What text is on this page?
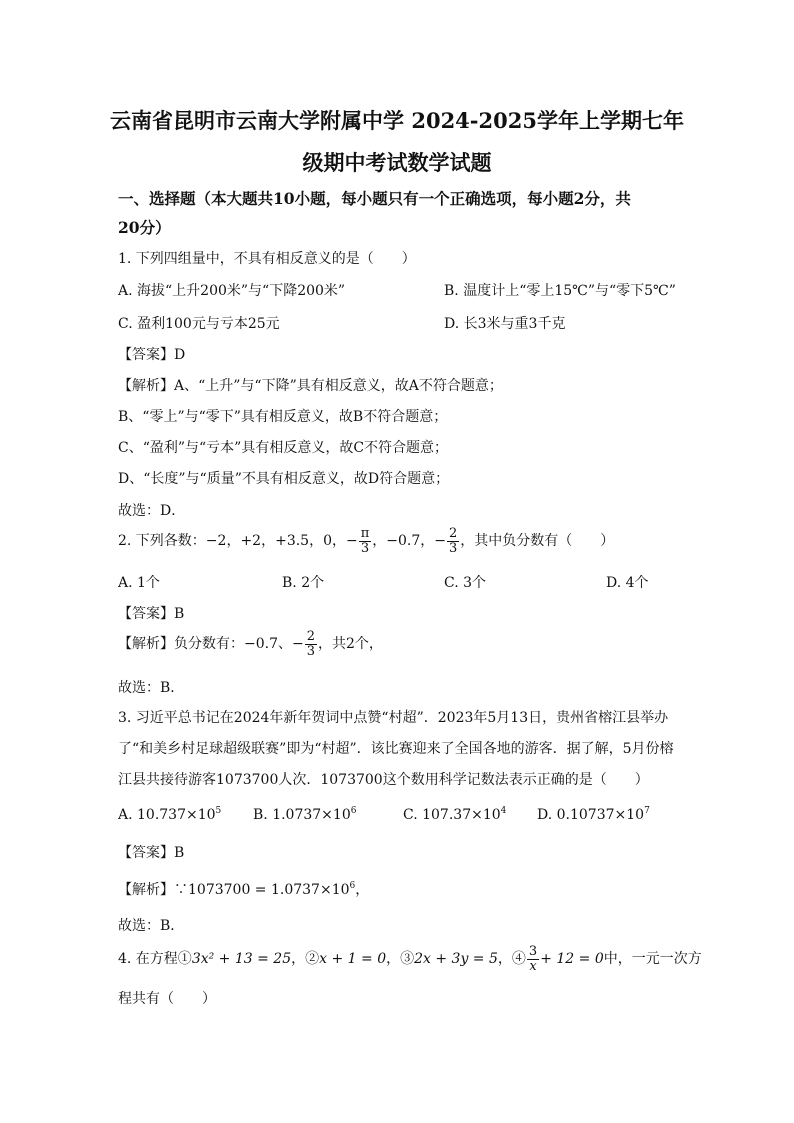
云南省昆明市云南大学附属中学 2024-2025学年上学期七年
级期中考试数学试题
一、选择题（本大题共10小题，每小题只有一个正确选项，每小题2分，共
20分）
1. 下列四组量中，不具有相反意义的是（　　）
A. 海拔“上升200米”与“下降200米”	B. 温度计上“零上15℃”与“零下5℃”
C. 盈利100元与亏本25元	D. 长3米与重3千克
【答案】D
【解析】A、“上升”与“下降”具有相反意义，故A不符合题意；
B、“零上”与“零下”具有相反意义，故B不符合题意；
C、“盈利”与“亏本”具有相反意义，故C不符合题意；
D、“长度”与“质量”不具有相反意义，故D符合题意；
故选：D．
2. 下列各数：−2，+2，+3.5，0，− $\frac{\pi}{3}$ ，−0.7，− $\frac{2}{3}$ ，其中负分数有（　　）
A. 1个	B. 2个	C. 3个	D. 4个
【答案】B
【解析】负分数有：−0.7、− $\frac{2}{3}$ ，共2个，
故选：B．
3. 习近平总书记在2024年新年贺词中点赞“村超”．2023年5月13日，贵州省榕江县举办
了“和美乡村足球超级联赛”即为“村超”．该比赛迎来了全国各地的游客．据了解，5月份榕
江县共接待游客1073700人次．1073700这个数用科学记数法表示正确的是（　　）
A. $10.737\times 10^5$ B. $1.0737\times 10^6$	C. $107.37\times 10^4$ D. $0.10737\times 10^7$
【答案】B
【解析】∵1073700 = $1.0737\times 10^6$，
故选：B．
4. 在方程①3x² + 13 = 25，②x + 1 = 0，③2x + 3y = 5，④ $\frac{3}{x} + 12 = 0$中，一元一次方
程共有（　　）
